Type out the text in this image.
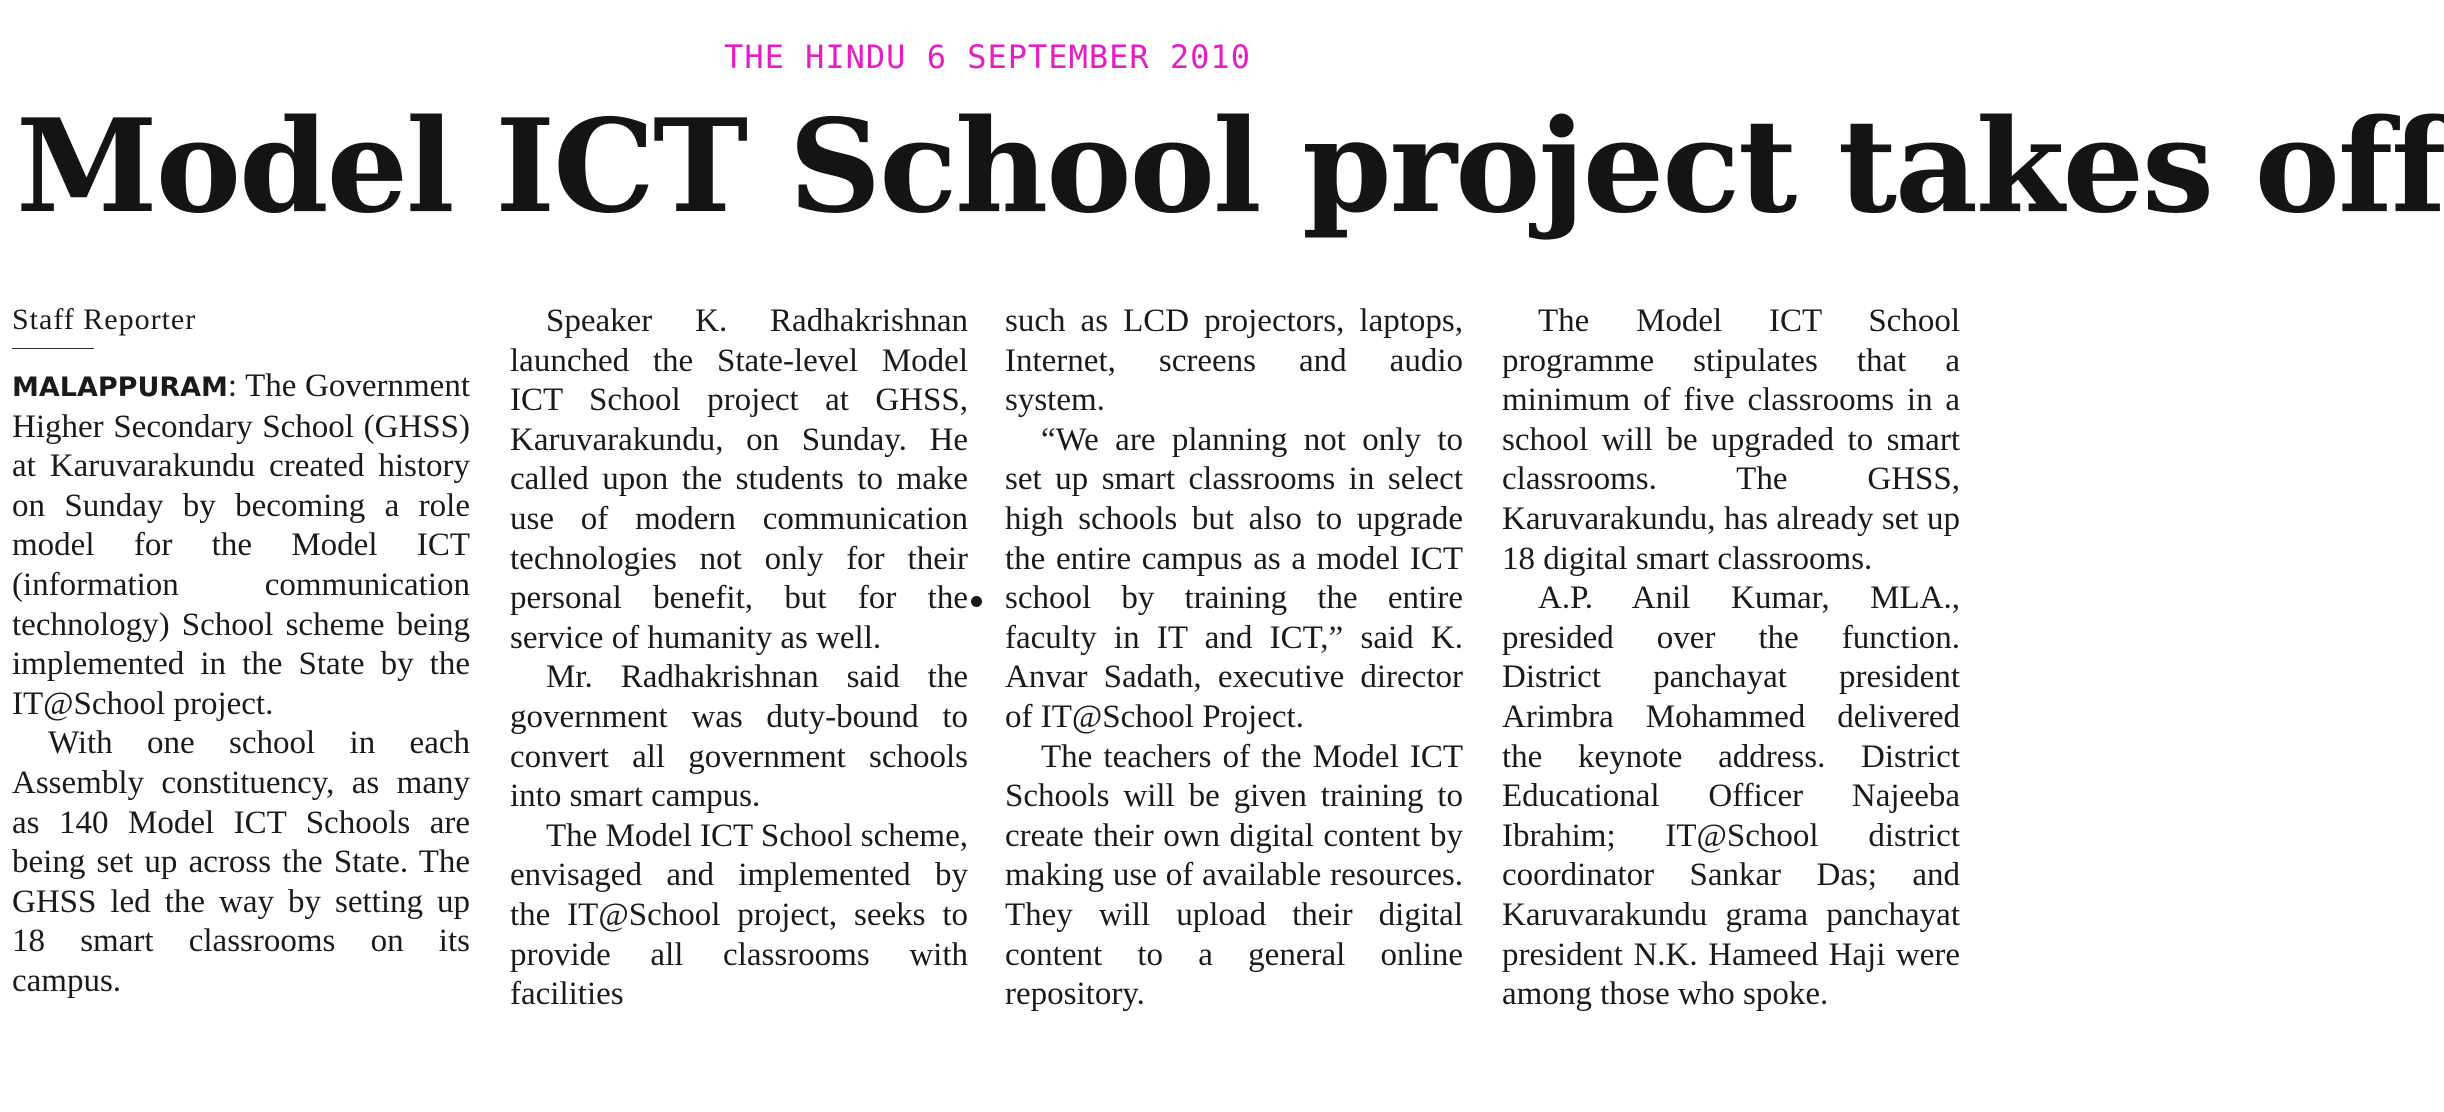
THE HINDU 6 SEPTEMBER 2010
Model ICT School project takes off
Staff Reporter

MALAPPURAM: The Government Higher Secondary School (GHSS) at Karuvarakundu created history on Sunday by becoming a role model for the Model ICT (information communication technology) School scheme being implemented in the State by the IT@School project.

With one school in each Assembly constituency, as many as 140 Model ICT Schools are being set up across the State. The GHSS led the way by setting up 18 smart classrooms on its campus.

Speaker K. Radhakrishnan launched the State-level Model ICT School project at GHSS, Karuvarakundu, on Sunday. He called upon the students to make use of modern communication technologies not only for their personal benefit, but for the service of humanity as well.

Mr. Radhakrishnan said the government was duty-bound to convert all government schools into smart campus.

The Model ICT School scheme, envisaged and implemented by the IT@School project, seeks to provide all classrooms with facilities

such as LCD projectors, laptops, Internet, screens and audio system.

“We are planning not only to set up smart classrooms in select high schools but also to upgrade the entire campus as a model ICT school by training the entire faculty in IT and ICT,” said K. Anvar Sadath, executive director of IT@School Project.

The teachers of the Model ICT Schools will be given training to create their own digital content by making use of available resources. They will upload their digital content to a general online repository.

The Model ICT School programme stipulates that a minimum of five classrooms in a school will be upgraded to smart classrooms. The GHSS, Karuvarakundu, has already set up 18 digital smart classrooms.

A.P. Anil Kumar, MLA., presided over the function. District panchayat president Arimbra Mohammed delivered the keynote address. District Educational Officer Najeeba Ibrahim; IT@School district coordinator Sankar Das; and Karuvarakundu grama panchayat president N.K. Hameed Haji were among those who spoke.
